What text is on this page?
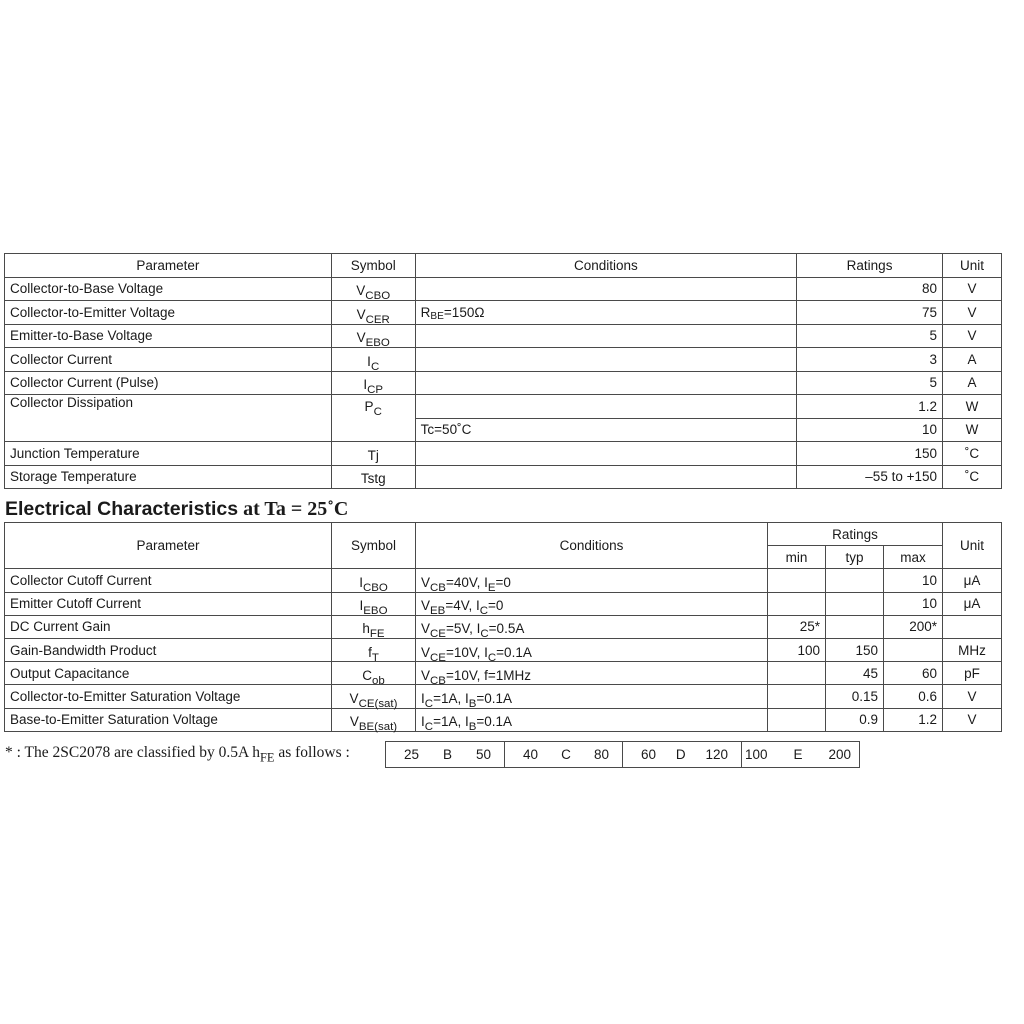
Parameter	Symbol	Conditions	Ratings	Unit
Collector-to-Base Voltage	$V_{CBO}$		80	V
Collector-to-Emitter Voltage	$V_{CER}$	$R_{BE}=150\Omega$	75	V
Emitter-to-Base Voltage	$V_{EBO}$		5	V
Collector Current	$I_C$		3	A
Collector Current (Pulse)	$I_{CP}$		5	A
Collector Dissipation	$P_C$		1.2	W
		Tc=50˚C	10	W
Junction Temperature	Tj		150	˚C
Storage Temperature	Tstg		–55 to +150	˚C
Electrical Characteristics at Ta = 25˚C
Parameter	Symbol	Conditions	Ratings			Unit
			min	typ	max	
Collector Cutoff Current	$I_{CBO}$	$V_{CB}=40V$, $I_E=0$			10	μA
Emitter Cutoff Current	$I_{EBO}$	$V_{EB}=4V$, $I_C=0$			10	μA
DC Current Gain	$h_{FE}$	$V_{CE}=5V$, $I_C=0.5A$	25*		200*	
Gain-Bandwidth Product	$f_T$	$V_{CE}=10V$, $I_C=0.1A$	100	150		MHz
Output Capacitance	$C_{ob}$	$V_{CB}=10V$, f=1MHz		45	60	pF
Collector-to-Emitter Saturation Voltage	$V_{CE(sat)}$	$I_C=1A$, $I_B=0.1A$		0.15	0.6	V
Base-to-Emitter Saturation Voltage	$V_{BE(sat)}$	$I_C=1A$, $I_B=0.1A$		0.9	1.2	V
* : The 2SC2078 are classified by 0.5A $h_{FE}$ as follows :	25 B 50	40 C 80	60 D 120	100 E 200
